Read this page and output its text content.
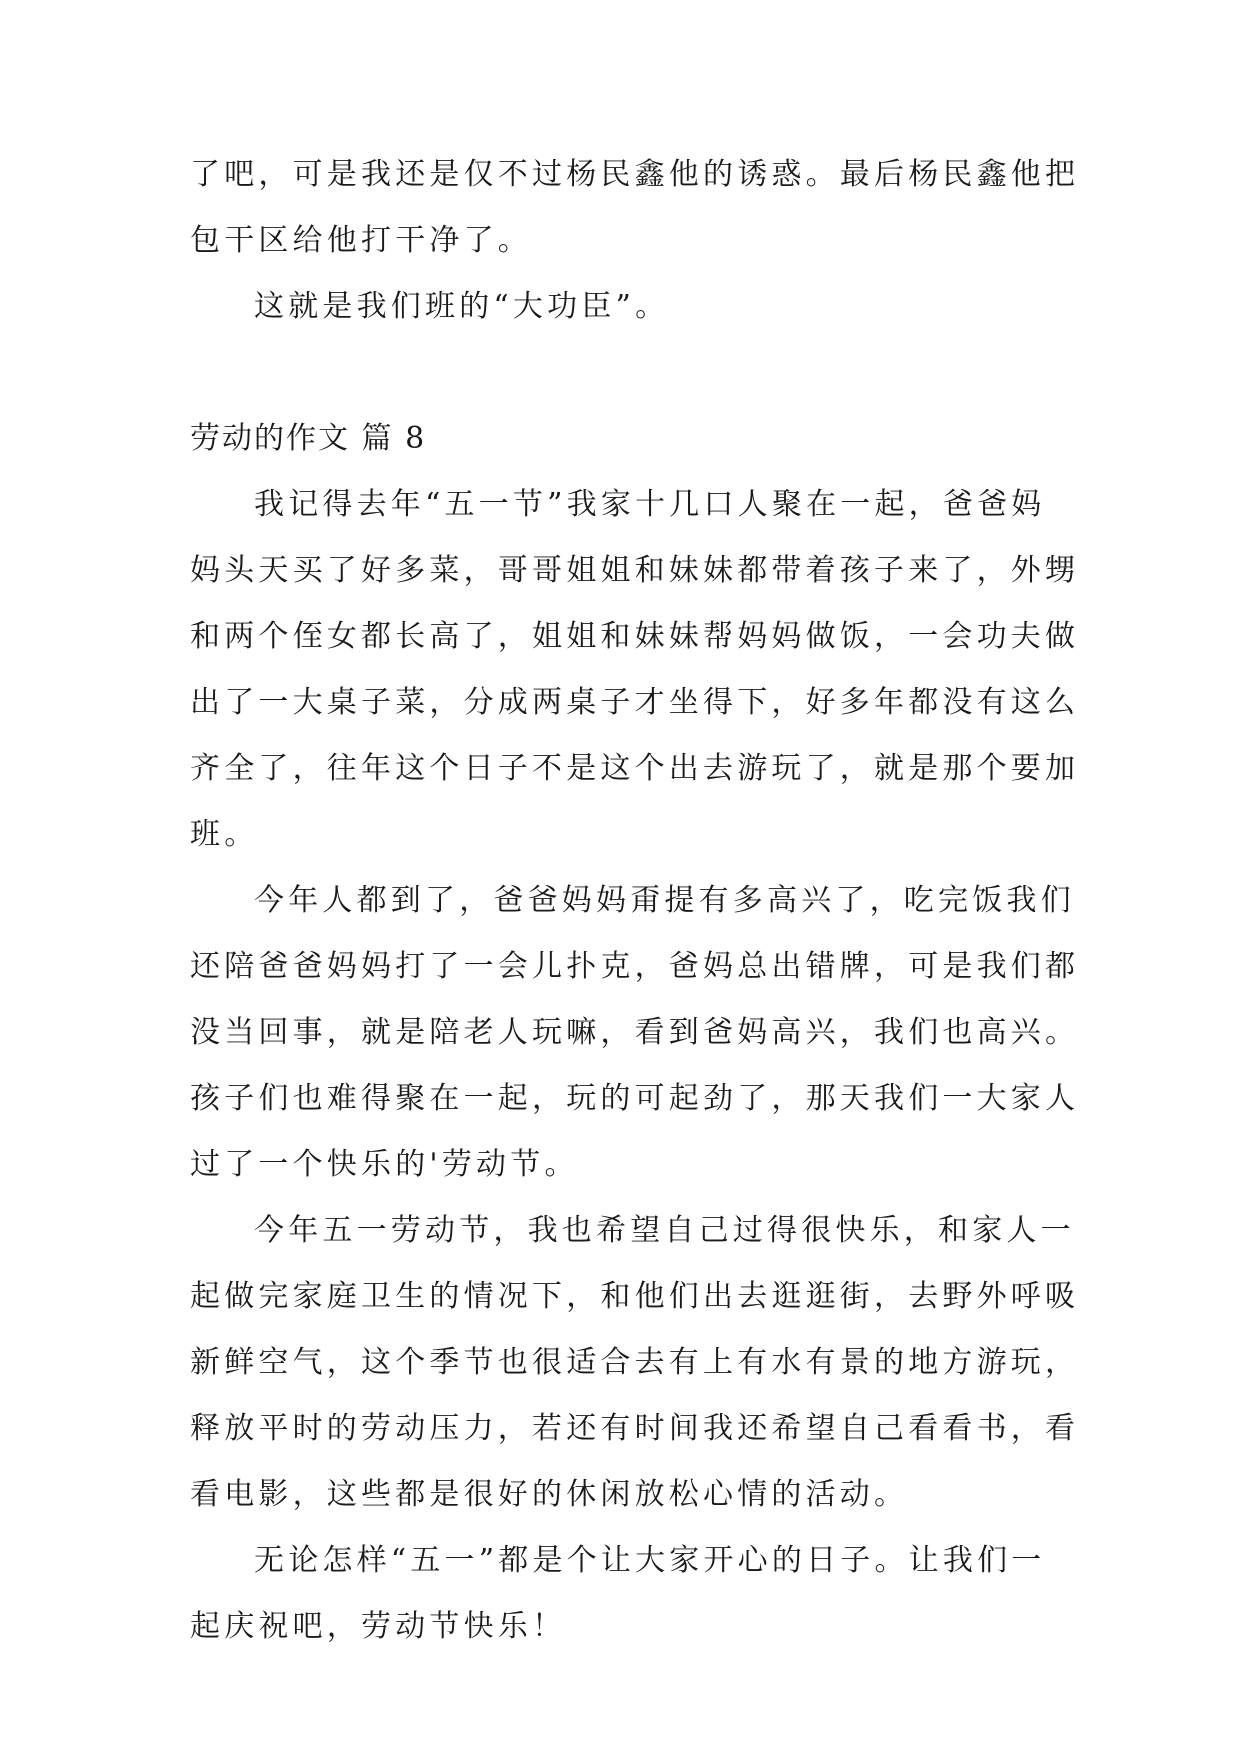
了吧，可是我还是仅不过杨民鑫他的诱惑。最后杨民鑫他把
包干区给他打干净了。
这就是我们班的“大功臣”。
劳动的作文 篇 8
我记得去年“五一节”我家十几口人聚在一起，爸爸妈
妈头天买了好多菜，哥哥姐姐和妹妹都带着孩子来了，外甥
和两个侄女都长高了，姐姐和妹妹帮妈妈做饭，一会功夫做
出了一大桌子菜，分成两桌子才坐得下，好多年都没有这么
齐全了，往年这个日子不是这个出去游玩了，就是那个要加
班。
今年人都到了，爸爸妈妈甭提有多高兴了，吃完饭我们
还陪爸爸妈妈打了一会儿扑克，爸妈总出错牌，可是我们都
没当回事，就是陪老人玩嘛，看到爸妈高兴，我们也高兴。
孩子们也难得聚在一起，玩的可起劲了，那天我们一大家人
过了一个快乐的'劳动节。
今年五一劳动节，我也希望自己过得很快乐，和家人一
起做完家庭卫生的情况下，和他们出去逛逛街，去野外呼吸
新鲜空气，这个季节也很适合去有上有水有景的地方游玩，
释放平时的劳动压力，若还有时间我还希望自己看看书，看
看电影，这些都是很好的休闲放松心情的活动。
无论怎样“五一”都是个让大家开心的日子。让我们一
起庆祝吧，劳动节快乐！
